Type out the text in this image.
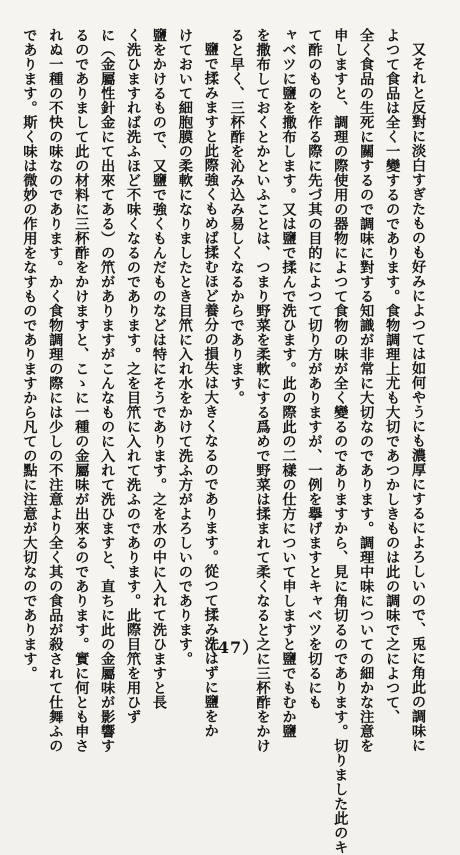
又それと反對に淡白すぎたものも好みによつては如何やうにも濃厚にするによろしいので、兎に角此の調味に
よつて食品は全く一變するのであります。食物調理上尤も大切であつかしきものは此の調味で之によつて、
全く食品の生死に關するので調味に對する知識が非常に大切なのであります。調理中味についての細かな注意を
申しますと、調理の際使用の器物によつて食物の味が全く變るのでありますから、見に角切るのであります。切りました此のキ
て酢のものを作る際に先づ其の目的によつて切り方がありますが、一例を擧げますとキャベツを切るにも
ャベツに鹽を撒布します。又は鹽で揉んで洗ひます。此の際此の二樣の仕方について申しますと鹽でもむか鹽
を撒布しておくとかといふことは、つまり野菜を柔軟にする爲めで野菜は揉まれて柔くなると之に三杯酢をかけ
ると早く、三杯酢を沁み込み易しくなるからであります。
鹽で揉みますと此際強くもめば揉むほど養分の損失は大きくなるのであります。從つて揉み洗はずに鹽をか
けておいて細胞膜の柔軟になりましたとき目笊に入れ水をかけて洗ふ方がよろしいのであります。
鹽をかけるもので、又鹽で強くもんだものなどは特にそうであります。之を水の中に入れて洗ひますと長
く洗ひますれば洗ふほど不味くなるのであります。之を目笊に入れて洗ふのであります。此際目笊を用ひず
に（金屬性針金にて出來てある）の笊がありますがこんなものに入れて洗ひますと、直ちに此の金屬味が影響す
るのでありまして此の材料に三杯酢をかけますと、こゝに一種の金屬味が出來るのであります。實に何とも申さ
れぬ一種の不快の味なのであります。かく食物調理の際には少しの不注意より全く其の食品が殺されて仕舞ふの
であります。斯く味は微妙の作用をなすものでありますから凡ての點に注意が大切なのであります。	（47）
